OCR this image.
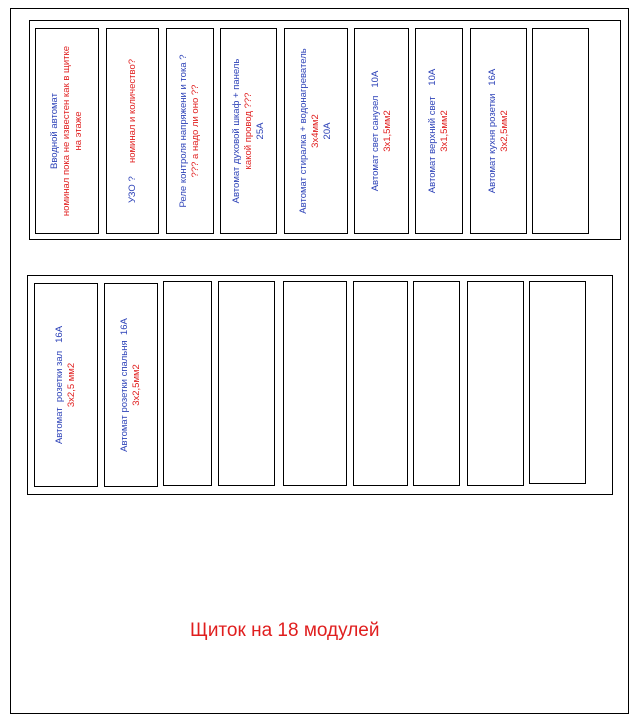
Вводной автомат номинал пока не известен как в щитке на этаже
УЗО ?     номинал и количество?	Реле контроля напряжени и тока ? ??? а надо ли оно ??	Автомат духовой шкаф + панель какой провод ??? 25А	Автомат стиралка + водонагреватель 3х4мм2 20А	Автомат свет санузел   10А 3х1,5мм2	Автомат верхний свет    10А 3х1,5мм2	Автомат кухня розетки   16А 3х2,5мм2
Автомат  розетки зал   16А 3х2,5 мм2	Автомат розетки спальня  16А 3х2,5мм2
Щиток на 18 модулей
